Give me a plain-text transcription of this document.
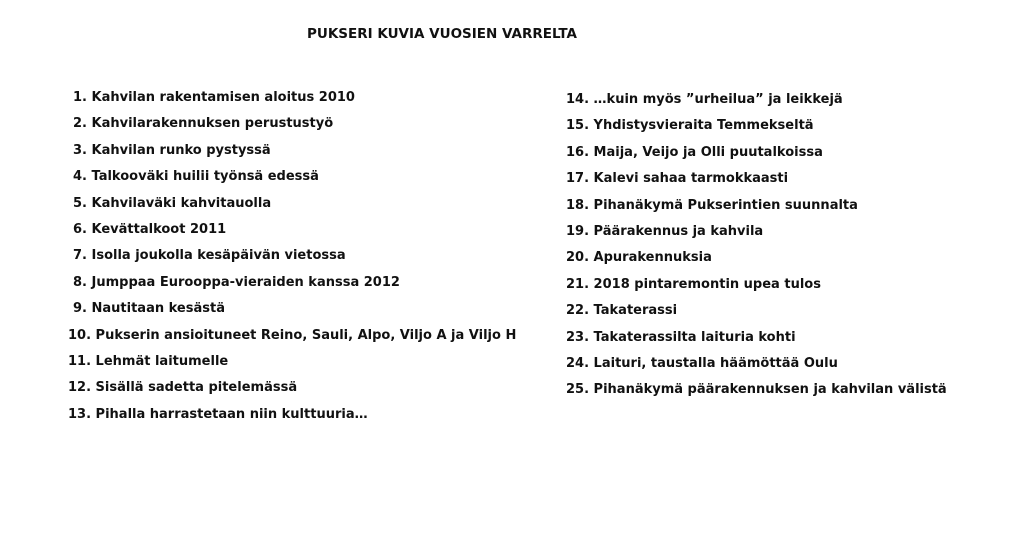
PUKSERI KUVIA VUOSIEN VARRELTA
1. Kahvilan rakentamisen aloitus 2010
2. Kahvilarakennuksen perustustyö
3. Kahvilan runko pystyssä
4. Talkooväki huilii työnsä edessä
5. Kahvilaväki kahvitauolla
6. Kevättalkoot 2011
7. Isolla joukolla kesäpäivän vietossa
8. Jumppaa Eurooppa-vieraiden kanssa 2012
9. Nautitaan kesästä
10. Pukserin ansioituneet Reino, Sauli, Alpo, Viljo A ja Viljo H
11. Lehmät laitumelle
12. Sisällä sadetta pitelemässä
13. Pihalla harrastetaan niin kulttuuria…
14. …kuin myös ”urheilua” ja leikkejä
15. Yhdistysvieraita Temmekseltä
16. Maija, Veijo ja Olli puutalkoissa
17. Kalevi sahaa tarmokkaasti
18. Pihanäkymä Pukserintien suunnalta
19. Päärakennus ja kahvila
20. Apurakennuksia
21. 2018 pintaremontin upea tulos
22. Takaterassi
23. Takaterassilta laituria kohti
24. Laituri, taustalla häämöttää Oulu
25. Pihanäkymä päärakennuksen ja kahvilan välistä
